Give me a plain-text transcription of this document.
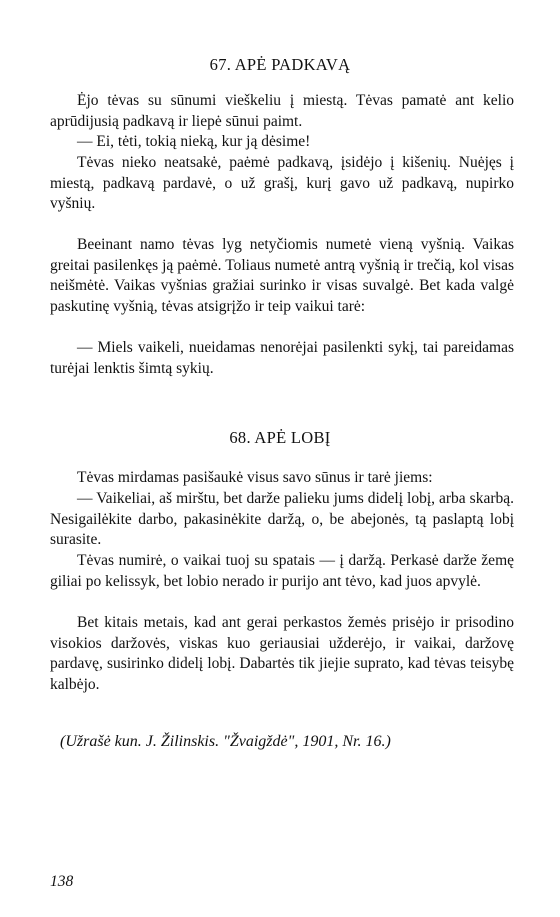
67. APĖ PADKAVĄ

Ėjo tėvas su sūnumi vieškeliu į miestą. Tėvas pamatė ant kelio aprūdijusią padkavą ir liepė sūnui paimt.

— Ei, tėti, tokią nieką, kur ją dėsime!

Tėvas nieko neatsakė, paėmė padkavą, įsidėjo į kišenių. Nuėjęs į miestą, padkavą pardavė, o už grašį, kurį gavo už padkavą, nupirko vyšnių.

Beeinant namo tėvas lyg netyčiomis numetė vieną vyšnią. Vaikas greitai pasilenkęs ją paėmė. Toliaus numetė antrą vyšnią ir trečią, kol visas neišmėtė. Vaikas vyšnias gražiai surinko ir visas suvalgė. Bet kada valgė paskutinę vyšnią, tėvas atsigrįžo ir teip vaikui tarė:

— Miels vaikeli, nueidamas nenorėjai pasilenkti sykį, tai pareidamas turėjai lenktis šimtą sykių.

68. APĖ LOBĮ

Tėvas mirdamas pasišaukė visus savo sūnus ir tarė jiems:

— Vaikeliai, aš mirštu, bet darže palieku jums didelį lobį, arba skarbą. Nesigailėkite darbo, pakasinėkite daržą, o, be abejonės, tą paslaptą lobį surasite.

Tėvas numirė, o vaikai tuoj su spatais — į daržą. Perkasė darže žemę giliai po kelissyk, bet lobio nerado ir purijo ant tėvo, kad juos apvylė.

Bet kitais metais, kad ant gerai perkastos žemės prisėjo ir prisodino visokios daržovės, viskas kuo geriausiai užderėjo, ir vaikai, daržovę pardavę, susirinko didelį lobį. Dabartės tik jiejie suprato, kad tėvas teisybę kalbėjo.

(Užrašė kun. J. Žilinskis. "Žvaigždė", 1901, Nr. 16.)
138
